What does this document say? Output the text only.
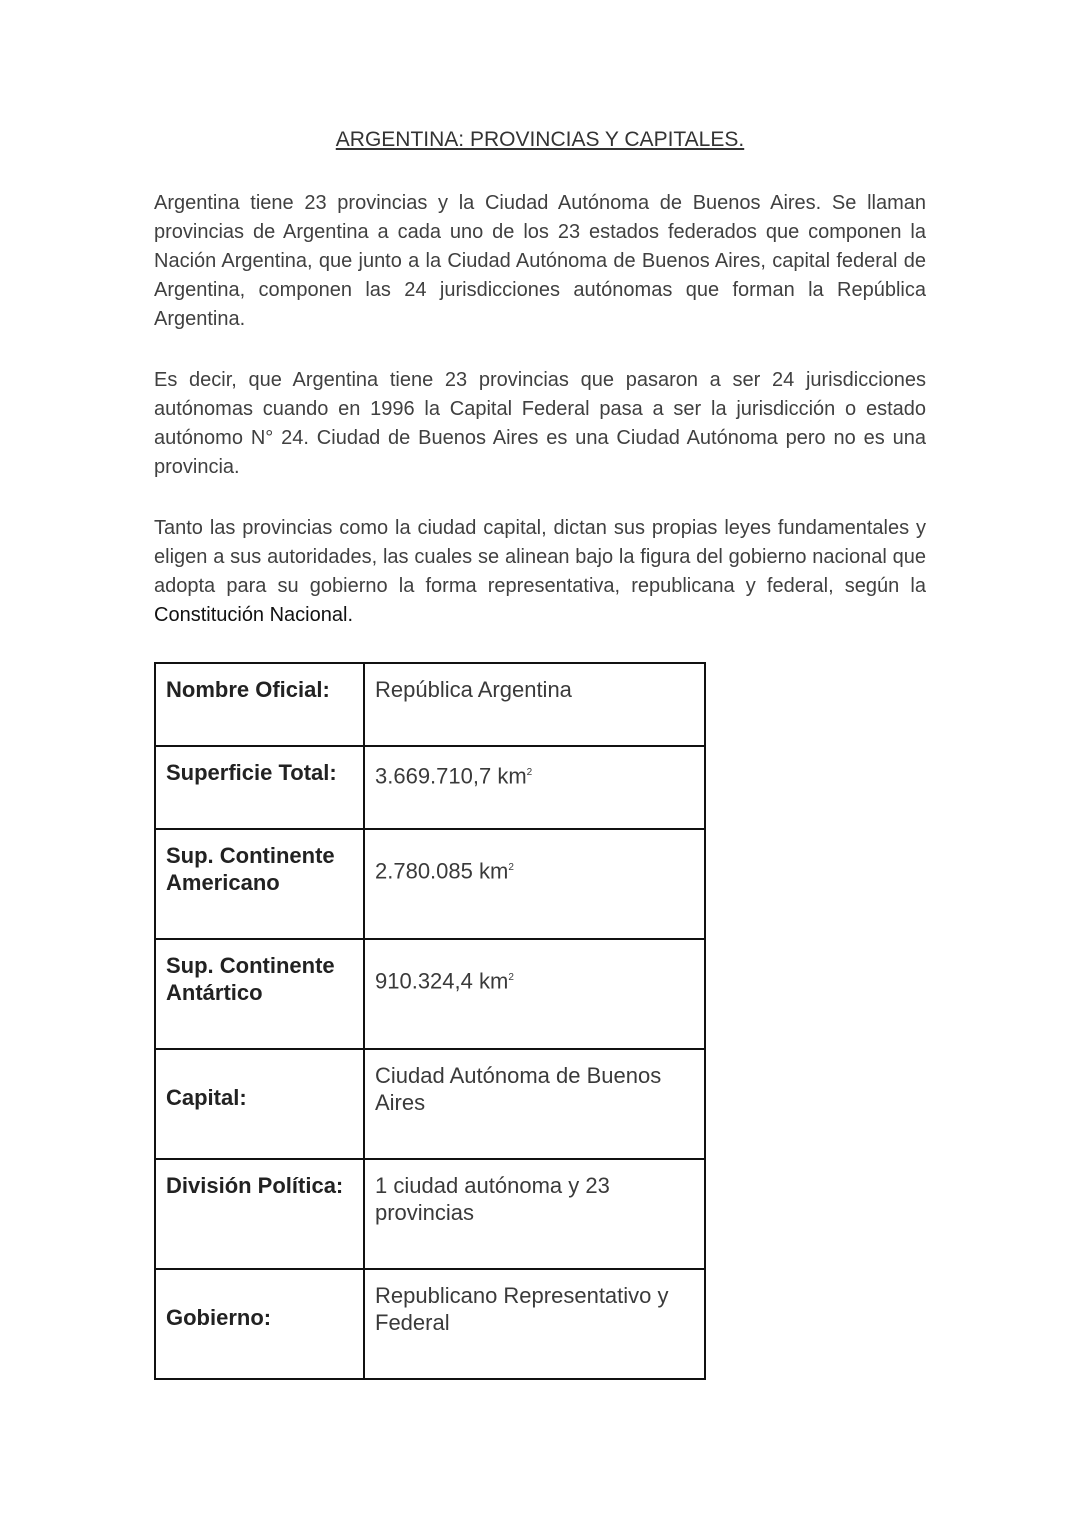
ARGENTINA: PROVINCIAS Y CAPITALES.
Argentina tiene 23 provincias y la Ciudad Autónoma de Buenos Aires. Se llaman provincias de Argentina a cada uno de los 23 estados federados que componen la Nación Argentina, que junto a la Ciudad Autónoma de Buenos Aires, capital federal de Argentina, componen las 24 jurisdicciones autónomas que forman la República Argentina.
Es decir, que Argentina tiene 23 provincias que pasaron a ser 24 jurisdicciones autónomas cuando en 1996 la Capital Federal pasa a ser la jurisdicción o estado autónomo N° 24. Ciudad de Buenos Aires es una Ciudad Autónoma pero no es una provincia.
Tanto las provincias como la ciudad capital, dictan sus propias leyes fundamentales y eligen a sus autoridades, las cuales se alinean bajo la figura del gobierno nacional que adopta para su gobierno la forma representativa, republicana y federal, según la Constitución Nacional.
Nombre Oficial:	República Argentina
Superficie Total:	3.669.710,7 $km^2$
Sup. Continente Americano	2.780.085 $km^2$
Sup. Continente Antártico	910.324,4 $km^2$
Capital:	Ciudad Autónoma de Buenos Aires
División Política:	1 ciudad autónoma y 23 provincias
Gobierno:	Republicano Representativo y Federal
